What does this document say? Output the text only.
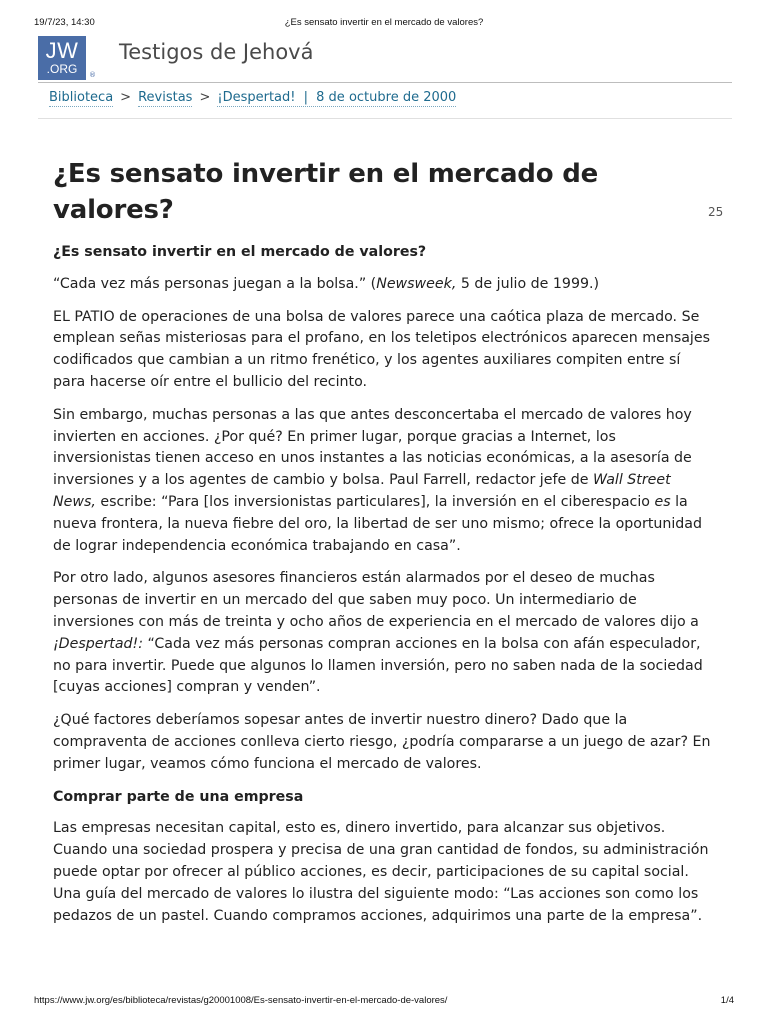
19/7/23, 14:30	¿Es sensato invertir en el mercado de valores?
JW
.ORG	®
Testigos de Jehová
Biblioteca > Revistas > ¡Despertad! | 8 de octubre de 2000
25
¿Es sensato invertir en el mercado de valores?

¿Es sensato invertir en el mercado de valores?

“Cada vez más personas juegan a la bolsa.” (Newsweek, 5 de julio de 1999.)

EL PATIO de operaciones de una bolsa de valores parece una caótica plaza de mercado. Se emplean señas misteriosas para el profano, en los teletipos electrónicos aparecen mensajes codificados que cambian a un ritmo frenético, y los agentes auxiliares compiten entre sí para hacerse oír entre el bullicio del recinto.

Sin embargo, muchas personas a las que antes desconcertaba el mercado de valores hoy invierten en acciones. ¿Por qué? En primer lugar, porque gracias a Internet, los inversionistas tienen acceso en unos instantes a las noticias económicas, a la asesoría de inversiones y a los agentes de cambio y bolsa. Paul Farrell, redactor jefe de Wall Street News, escribe: “Para [los inversionistas particulares], la inversión en el ciberespacio es la nueva frontera, la nueva fiebre del oro, la libertad de ser uno mismo; ofrece la oportunidad de lograr independencia económica trabajando en casa”.

Por otro lado, algunos asesores financieros están alarmados por el deseo de muchas personas de invertir en un mercado del que saben muy poco. Un intermediario de inversiones con más de treinta y ocho años de experiencia en el mercado de valores dijo a ¡Despertad!: “Cada vez más personas compran acciones en la bolsa con afán especulador, no para invertir. Puede que algunos lo llamen inversión, pero no saben nada de la sociedad [cuyas acciones] compran y venden”.

¿Qué factores deberíamos sopesar antes de invertir nuestro dinero? Dado que la compraventa de acciones conlleva cierto riesgo, ¿podría compararse a un juego de azar? En primer lugar, veamos cómo funciona el mercado de valores.

Comprar parte de una empresa

Las empresas necesitan capital, esto es, dinero invertido, para alcanzar sus objetivos. Cuando una sociedad prospera y precisa de una gran cantidad de fondos, su administración puede optar por ofrecer al público acciones, es decir, participaciones de su capital social. Una guía del mercado de valores lo ilustra del siguiente modo: “Las acciones son como los pedazos de un pastel. Cuando compramos acciones, adquirimos una parte de la empresa”.

https://www.jw.org/es/biblioteca/revistas/g20001008/Es-sensato-invertir-en-el-mercado-de-valores/	1/4
